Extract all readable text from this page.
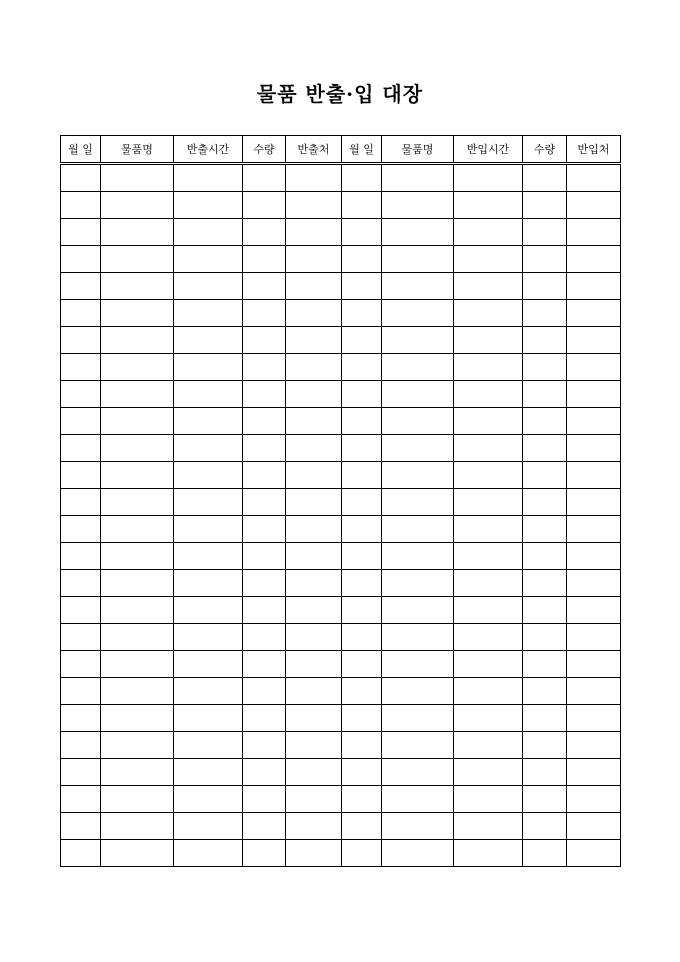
물품 반출·입 대장
월 일	물품명	반출시간	수량	반출처	월 일	물품명	반입시간	수량	반입처
